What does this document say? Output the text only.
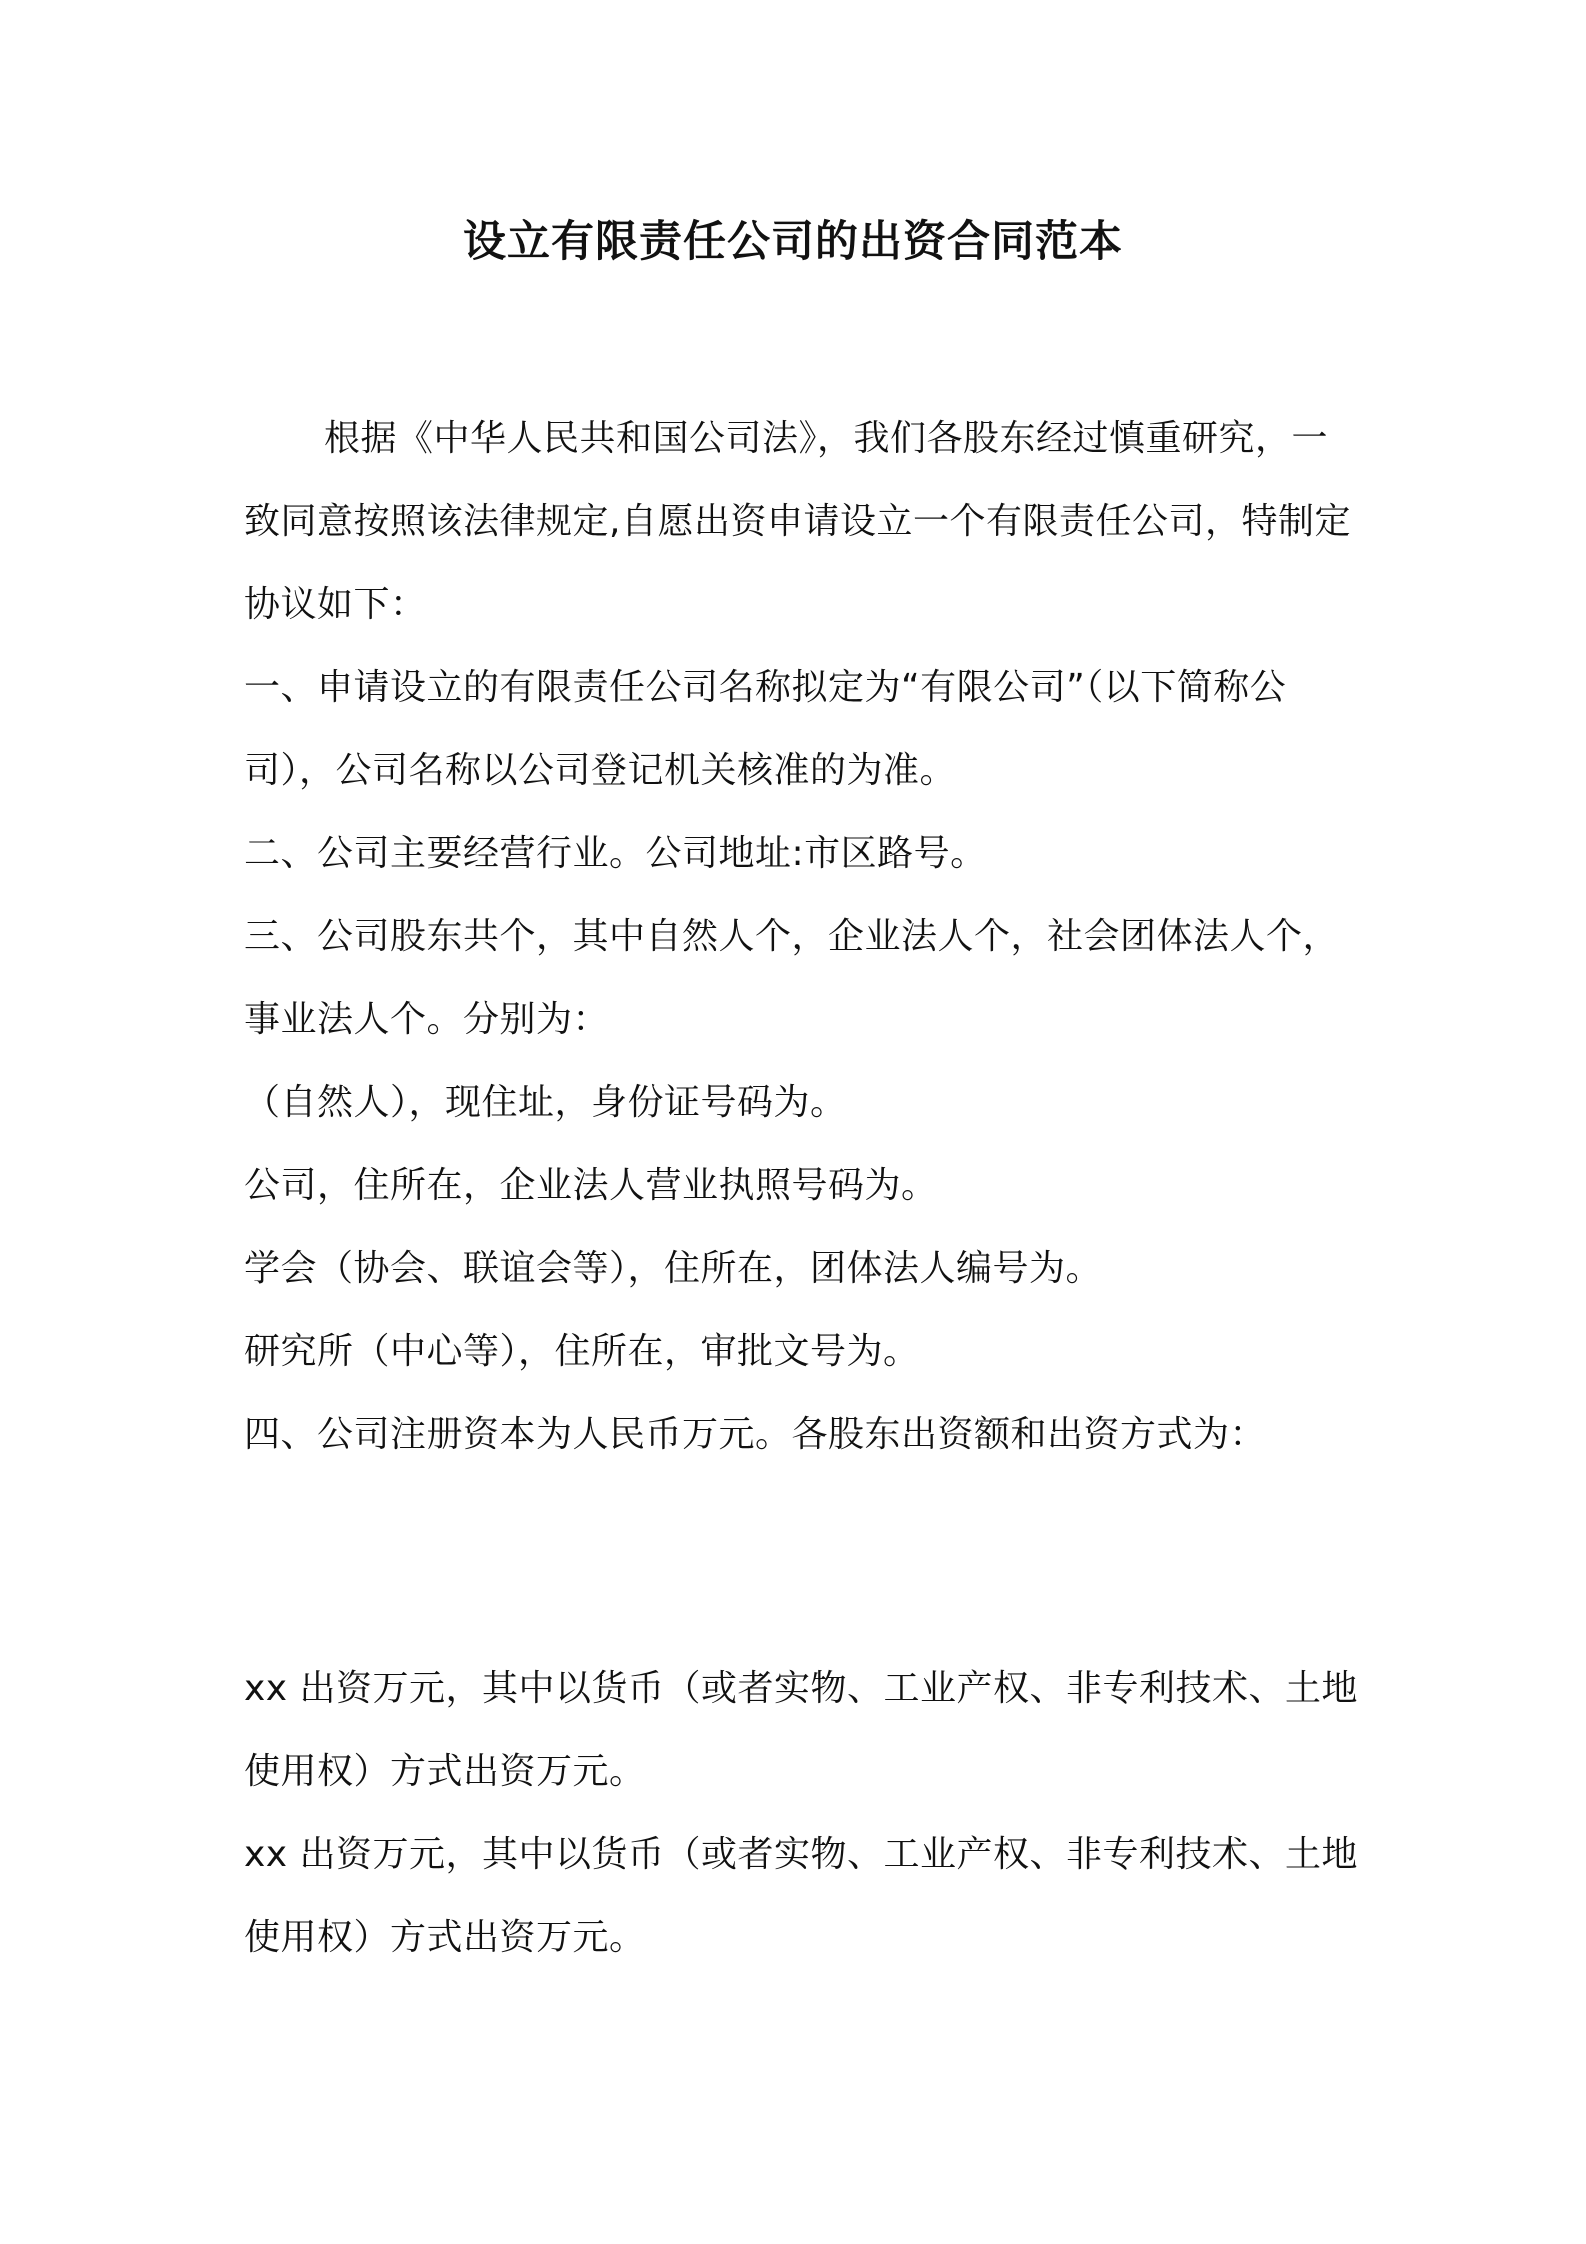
设立有限责任公司的出资合同范本

根据《中华人民共和国公司法》，我们各股东经过慎重研究，一致同意按照该法律规定,自愿出资申请设立一个有限责任公司，特制定协议如下：

一、申请设立的有限责任公司名称拟定为“有限公司”（以下简称公司），公司名称以公司登记机关核准的为准。

二、公司主要经营行业。公司地址:市区路号。

三、公司股东共个，其中自然人个，企业法人个，社会团体法人个，事业法人个。分别为：

（自然人），现住址，身份证号码为。

公司，住所在，企业法人营业执照号码为。

学会（协会、联谊会等），住所在，团体法人编号为。

研究所（中心等），住所在，审批文号为。

四、公司注册资本为人民币万元。各股东出资额和出资方式为：

xx 出资万元，其中以货币（或者实物、工业产权、非专利技术、土地使用权）方式出资万元。

xx 出资万元，其中以货币（或者实物、工业产权、非专利技术、土地使用权）方式出资万元。
